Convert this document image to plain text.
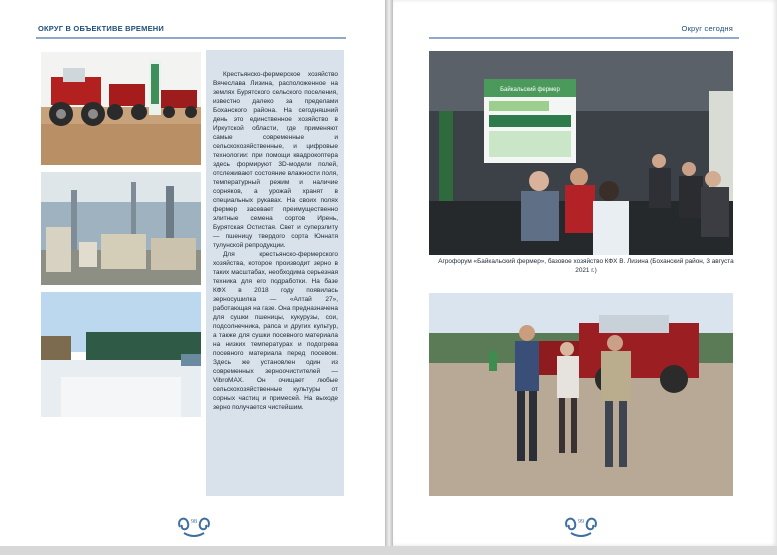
ОКРУГ В ОБЪЕКТИВЕ ВРЕМЕНИ

Крестьянско-фермерское хозяйство Вячеслава Лизина, расположенное на землях Бурятского сельского поселения, известно далеко за пределами Боханского района. На сегодняшний день это единственное хозяйство в Иркутской области, где применяют самые современные и сельскохозяйственные, и цифровые технологии: при помощи квадрокоптера здесь формируют 3D-модели полей, отслеживают состояние влажности поля, температурный режим и наличие сорняков, а урожай хранят в специальных рукавах. На своих полях фермер засевает преимущественно элитные семена сортов Ирень, Бурятская Остистая. Свет и суперэлиту — пшеницу твердого сорта Юннатя тулунской репродукции.

Для крестьянско-фермерского хозяйства, которое производит зерно в таких масштабах, необходима серьезная техника для его подработки. На базе КФХ в 2018 году появилась зерносушилка — «Алтай 27», работающая на газе. Она предназначена для сушки пшеницы, кукурузы, сои, подсолнечника, рапса и других культур, а также для сушки посевного материала на низких температурах и подогрева посевного материала перед посевом. Здесь же установлен один из современных зерноочистителей — VibroMAX. Он очищает любые сельскохозяйственные культуры от сорных частиц и примесей. На выходе зерно получается чистейшим.

98
Округ сегодня
Байкальский фермер
Агрофорум «Байкальский фермер», базовое хозяйство КФХ В. Лизина (Боханский район, 3 августа 2021 г.)
99
